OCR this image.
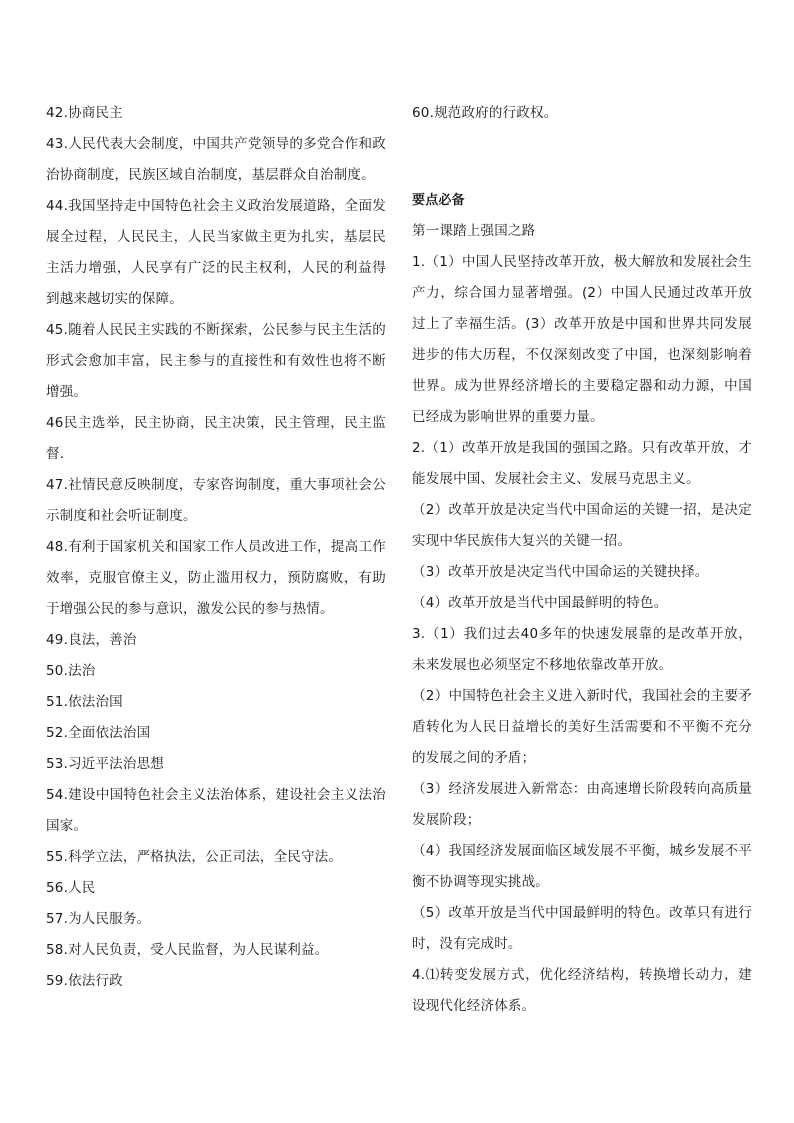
42.协商民主

43.人民代表大会制度，中国共产党领导的多党合作和政治协商制度，民族区域自治制度，基层群众自治制度。

44.我国坚持走中国特色社会主义政治发展道路，全面发展全过程，人民民主，人民当家做主更为扎实，基层民主活力增强，人民享有广泛的民主权利，人民的利益得到越来越切实的保障。

45.随着人民民主实践的不断探索，公民参与民主生活的形式会愈加丰富，民主参与的直接性和有效性也将不断增强。

46民主选举，民主协商，民主决策，民主管理，民主监督.

47.社情民意反映制度，专家咨询制度，重大事项社会公示制度和社会听证制度。

48.有利于国家机关和国家工作人员改进工作，提高工作效率，克服官僚主义，防止滥用权力，预防腐败，有助于增强公民的参与意识，激发公民的参与热情。

49.良法，善治

50.法治

51.依法治国

52.全面依法治国

53.习近平法治思想

54.建设中国特色社会主义法治体系，建设社会主义法治国家。

55.科学立法，严格执法，公正司法，全民守法。

56.人民

57.为人民服务。

58.对人民负责，受人民监督，为人民谋利益。

59.依法行政

60.规范政府的行政权。

要点必备

第一课踏上强国之路

1.（1）中国人民坚持改革开放，极大解放和发展社会生产力，综合国力显著增强。(2）中国人民通过改革开放过上了幸福生活。(3）改革开放是中国和世界共同发展进步的伟大历程，不仅深刻改变了中国，也深刻影响着世界。成为世界经济增长的主要稳定器和动力源，中国已经成为影响世界的重要力量。

2.（1）改革开放是我国的强国之路。只有改革开放，才能发展中国、发展社会主义、发展马克思主义。

（2）改革开放是决定当代中国命运的关键一招，是决定实现中华民族伟大复兴的关键一招。

（3）改革开放是决定当代中国命运的关键抉择。

（4）改革开放是当代中国最鲜明的特色。

3.（1）我们过去40多年的快速发展靠的是改革开放，未来发展也必须坚定不移地依靠改革开放。

（2）中国特色社会主义进入新时代，我国社会的主要矛盾转化为人民日益增长的美好生活需要和不平衡不充分的发展之间的矛盾；

（3）经济发展进入新常态：由高速增长阶段转向高质量发展阶段；

（4）我国经济发展面临区域发展不平衡，城乡发展不平衡不协调等现实挑战。

（5）改革开放是当代中国最鲜明的特色。改革只有进行时，没有完成时。

4.⑴转变发展方式，优化经济结构，转换增长动力，建设现代化经济体系。
